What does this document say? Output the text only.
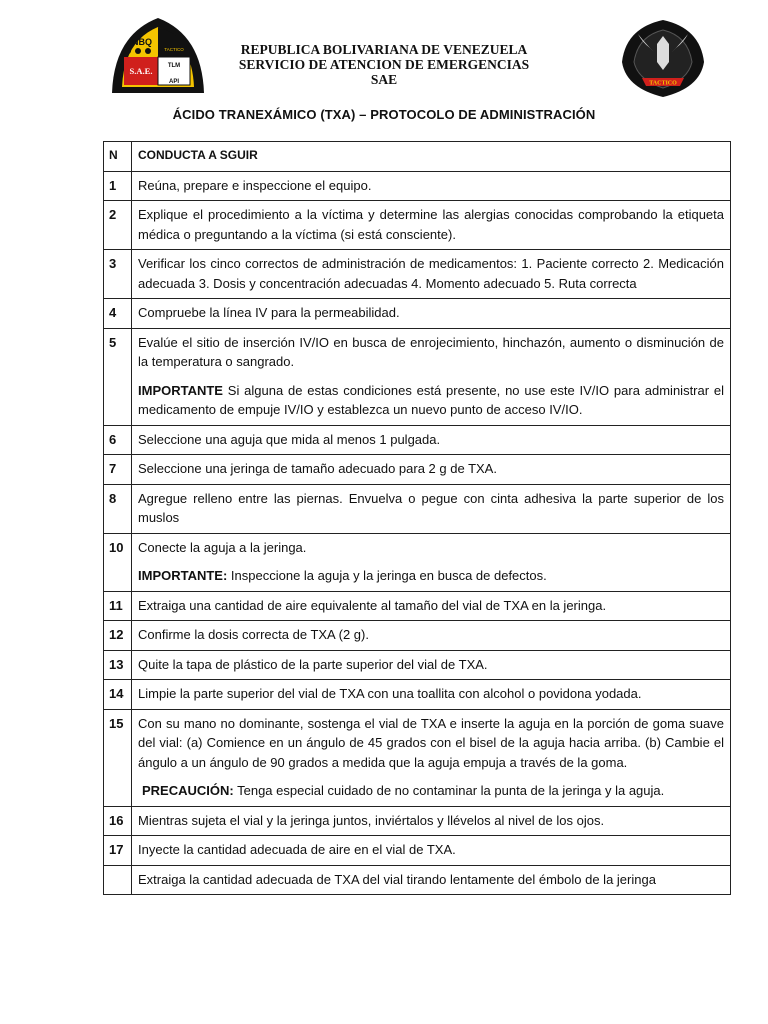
NBQ
TACTICO
S.A.E.	TLM
API
REPUBLICA BOLIVARIANA DE VENEZUELA
SERVICIO DE ATENCION DE EMERGENCIAS
SAE	TACTICO
ÁCIDO TRANEXÁMICO (TXA) – PROTOCOLO DE ADMINISTRACIÓN
N	CONDUCTA A SGUIR
1	Reúna, prepare e inspeccione el equipo.
2	Explique el procedimiento a la víctima y determine las alergias conocidas comprobando la etiqueta médica o preguntando a la víctima (si está consciente).
3	Verificar los cinco correctos de administración de medicamentos: 1. Paciente correcto 2. Medicación adecuada 3. Dosis y concentración adecuadas 4. Momento adecuado 5. Ruta correcta
4	Compruebe la línea IV para la permeabilidad.
5	Evalúe el sitio de inserción IV/IO en busca de enrojecimiento, hinchazón, aumento o disminución de la temperatura o sangrado.
IMPORTANTE Si alguna de estas condiciones está presente, no use este IV/IO para administrar el medicamento de empuje IV/IO y establezca un nuevo punto de acceso IV/IO.

6	Seleccione una aguja que mida al menos 1 pulgada.
7	Seleccione una jeringa de tamaño adecuado para 2 g de TXA.
8	Agregue relleno entre las piernas. Envuelva o pegue con cinta adhesiva la parte superior de los muslos
10	Conecte la aguja a la jeringa.
IMPORTANTE: Inspeccione la aguja y la jeringa en busca de defectos.

11	Extraiga una cantidad de aire equivalente al tamaño del vial de TXA en la jeringa.
12	Confirme la dosis correcta de TXA (2 g).
13	Quite la tapa de plástico de la parte superior del vial de TXA.
14	Limpie la parte superior del vial de TXA con una toallita con alcohol o povidona yodada.
15	Con su mano no dominante, sostenga el vial de TXA e inserte la aguja en la porción de goma suave del vial: (a) Comience en un ángulo de 45 grados con el bisel de la aguja hacia arriba. (b) Cambie el ángulo a un ángulo de 90 grados a medida que la aguja empuja a través de la goma.
PRECAUCIÓN: Tenga especial cuidado de no contaminar la punta de la jeringa y la aguja.

16	Mientras sujeta el vial y la jeringa juntos, inviértalos y llévelos al nivel de los ojos.
17	Inyecte la cantidad adecuada de aire en el vial de TXA.
	Extraiga la cantidad adecuada de TXA del vial tirando lentamente del émbolo de la jeringa
